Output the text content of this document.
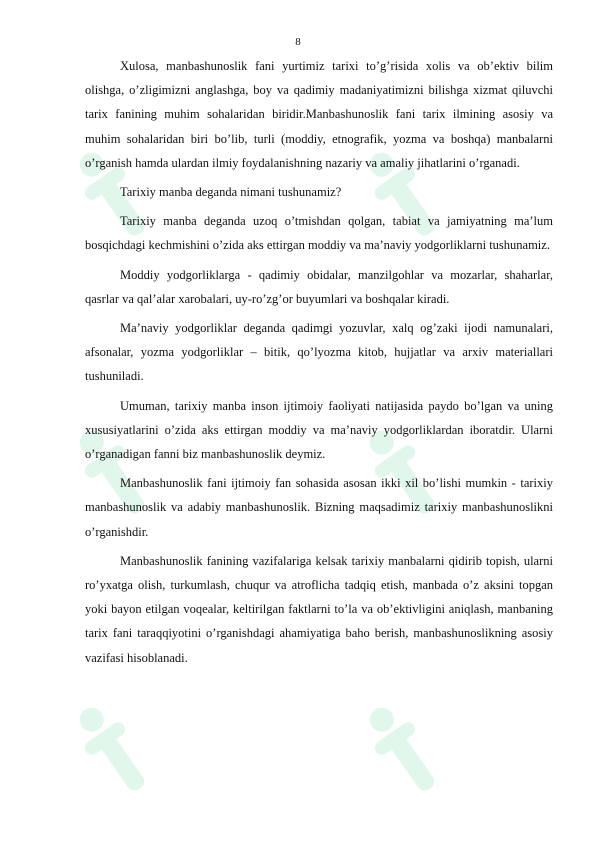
8

Xulosa, manbashunoslik fani yurtimiz tarixi to’g’risida xolis va ob’ektiv bilim olishga, o’zligimizni anglashga, boy va qadimiy madaniyatimizni bilishga xizmat qiluvchi tarix fanining muhim sohalaridan biridir.Manbashunoslik fani tarix ilmining asosiy va muhim sohalaridan biri bo’lib, turli (moddiy, etnografik, yozma va boshqa) manbalarni o’rganish hamda ulardan ilmiy foydalanishning nazariy va amaliy jihatlarini o’rganadi.

Tarixiy manba deganda nimani tushunamiz?

Tarixiy manba deganda uzoq o’tmishdan qolgan, tabiat va jamiyatning ma’lum bosqichdagi kechmishini o’zida aks ettirgan moddiy va ma’naviy yodgorliklarni tushunamiz.

Moddiy yodgorliklarga - qadimiy obidalar, manzilgohlar va mozarlar, shaharlar, qasrlar va qal’alar xarobalari, uy-ro’zg’or buyumlari va boshqalar kiradi.

Ma’naviy yodgorliklar deganda qadimgi yozuvlar, xalq og’zaki ijodi namunalari, afsonalar, yozma yodgorliklar – bitik, qo’lyozma kitob, hujjatlar va arxiv materiallari tushuniladi.

Umuman, tarixiy manba inson ijtimoiy faoliyati natijasida paydo bo’lgan va uning xususiyatlarini o’zida aks ettirgan moddiy va ma’naviy yodgorliklardan iboratdir. Ularni o’rganadigan fanni biz manbashunoslik deymiz.

Manbashunoslik fani ijtimoiy fan sohasida asosan ikki xil bo’lishi mumkin - tarixiy manbashunoslik va adabiy manbashunoslik. Bizning maqsadimiz tarixiy manbashunoslikni o’rganishdir.

Manbashunoslik fanining vazifalariga kelsak tarixiy manbalarni qidirib topish, ularni ro’yxatga olish, turkumlash, chuqur va atroflicha tadqiq etish, manbada o’z aksini topgan yoki bayon etilgan voqealar, keltirilgan faktlarni to’la va ob’ektivligini aniqlash, manbaning tarix fani taraqqiyotini o’rganishdagi ahamiyatiga baho berish, manbashunoslikning asosiy vazifasi hisoblanadi.
